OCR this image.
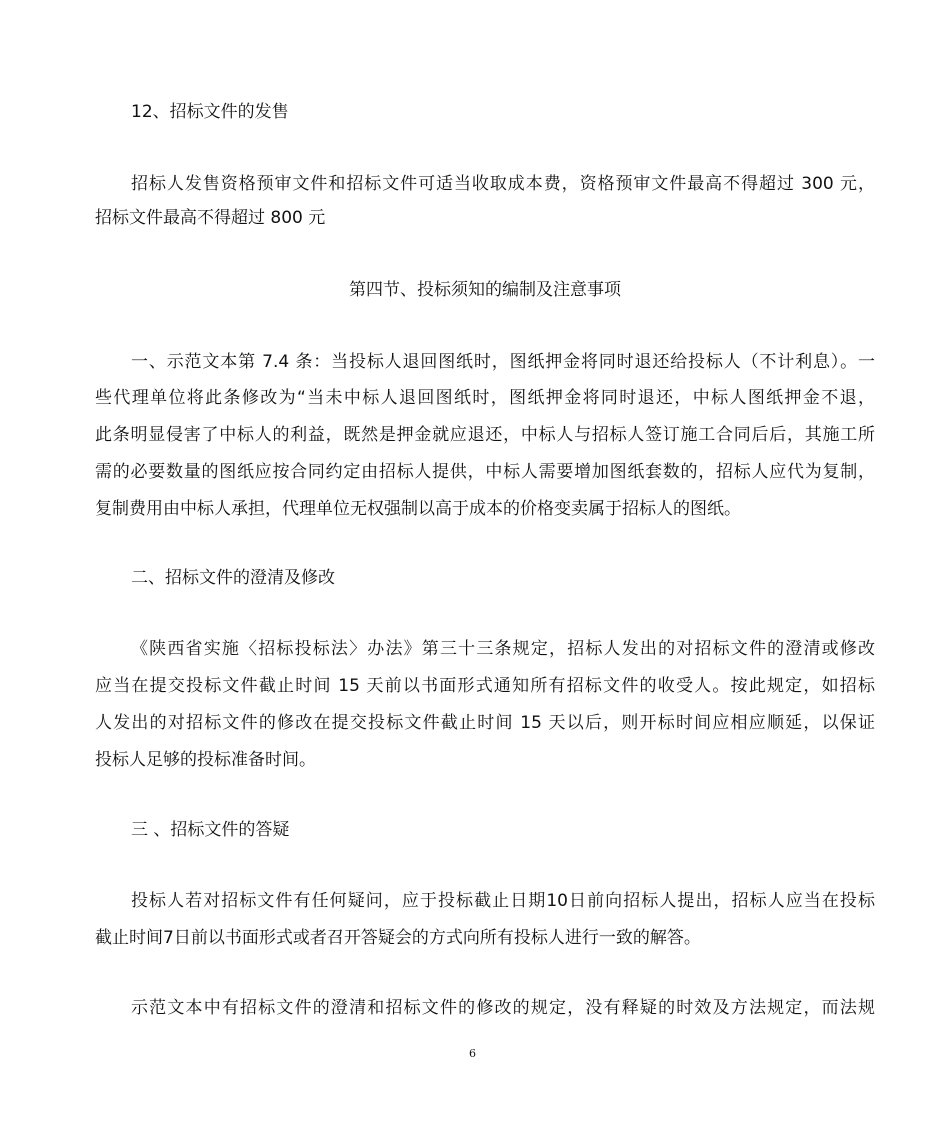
12、招标文件的发售
招标人发售资格预审文件和招标文件可适当收取成本费，资格预审文件最高不得超过 300 元，
招标文件最高不得超过 800 元
第四节、投标须知的编制及注意事项
一、示范文本第 7.4 条：当投标人退回图纸时，图纸押金将同时退还给投标人（不计利息）。一
些代理单位将此条修改为“当未中标人退回图纸时，图纸押金将同时退还，中标人图纸押金不退，
此条明显侵害了中标人的利益，既然是押金就应退还，中标人与招标人签订施工合同后后，其施工所
需的必要数量的图纸应按合同约定由招标人提供，中标人需要增加图纸套数的，招标人应代为复制，
复制费用由中标人承担，代理单位无权强制以高于成本的价格变卖属于招标人的图纸。
二、招标文件的澄清及修改
《陕西省实施〈招标投标法〉办法》第三十三条规定，招标人发出的对招标文件的澄清或修改
应当在提交投标文件截止时间 15 天前以书面形式通知所有招标文件的收受人。按此规定，如招标
人发出的对招标文件的修改在提交投标文件截止时间 15 天以后，则开标时间应相应顺延，以保证
投标人足够的投标准备时间。
三 、招标文件的答疑
投标人若对招标文件有任何疑问，应于投标截止日期10日前向招标人提出，招标人应当在投标
截止时间7日前以书面形式或者召开答疑会的方式向所有投标人进行一致的解答。
示范文本中有招标文件的澄清和招标文件的修改的规定，没有释疑的时效及方法规定，而法规
6
